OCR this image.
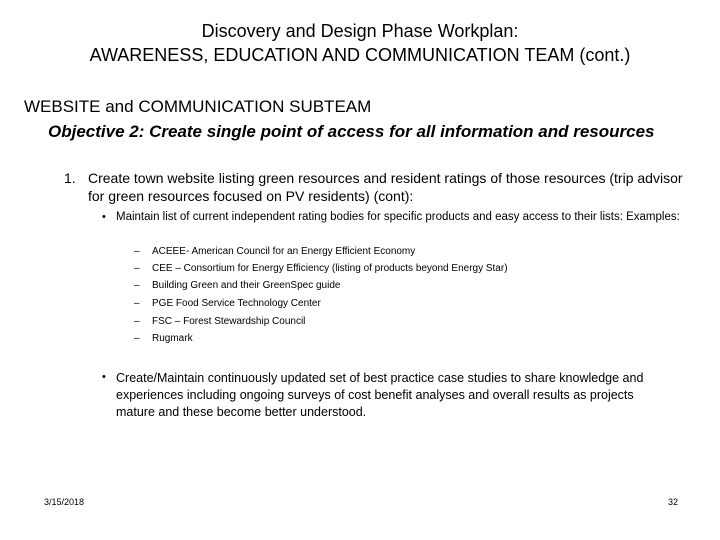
Discovery and Design Phase Workplan:
AWARENESS, EDUCATION AND COMMUNICATION TEAM (cont.)
WEBSITE and COMMUNICATION SUBTEAM
Objective 2: Create single point of access for all information and resources
1. Create town website listing green resources and resident ratings of those resources (trip advisor for green resources focused on PV residents) (cont):
• Maintain list of current independent rating bodies for specific products and easy access to their lists: Examples:
– ACEEE- American Council for an Energy Efficient Economy
– CEE – Consortium for Energy Efficiency (listing of products beyond Energy Star)
– Building Green and their GreenSpec guide
– PGE Food Service Technology Center
– FSC – Forest Stewardship Council
– Rugmark
• Create/Maintain continuously updated set of best practice case studies to share knowledge and experiences including ongoing surveys of cost benefit analyses and overall results as projects mature and these become better understood.
3/15/2018	32
